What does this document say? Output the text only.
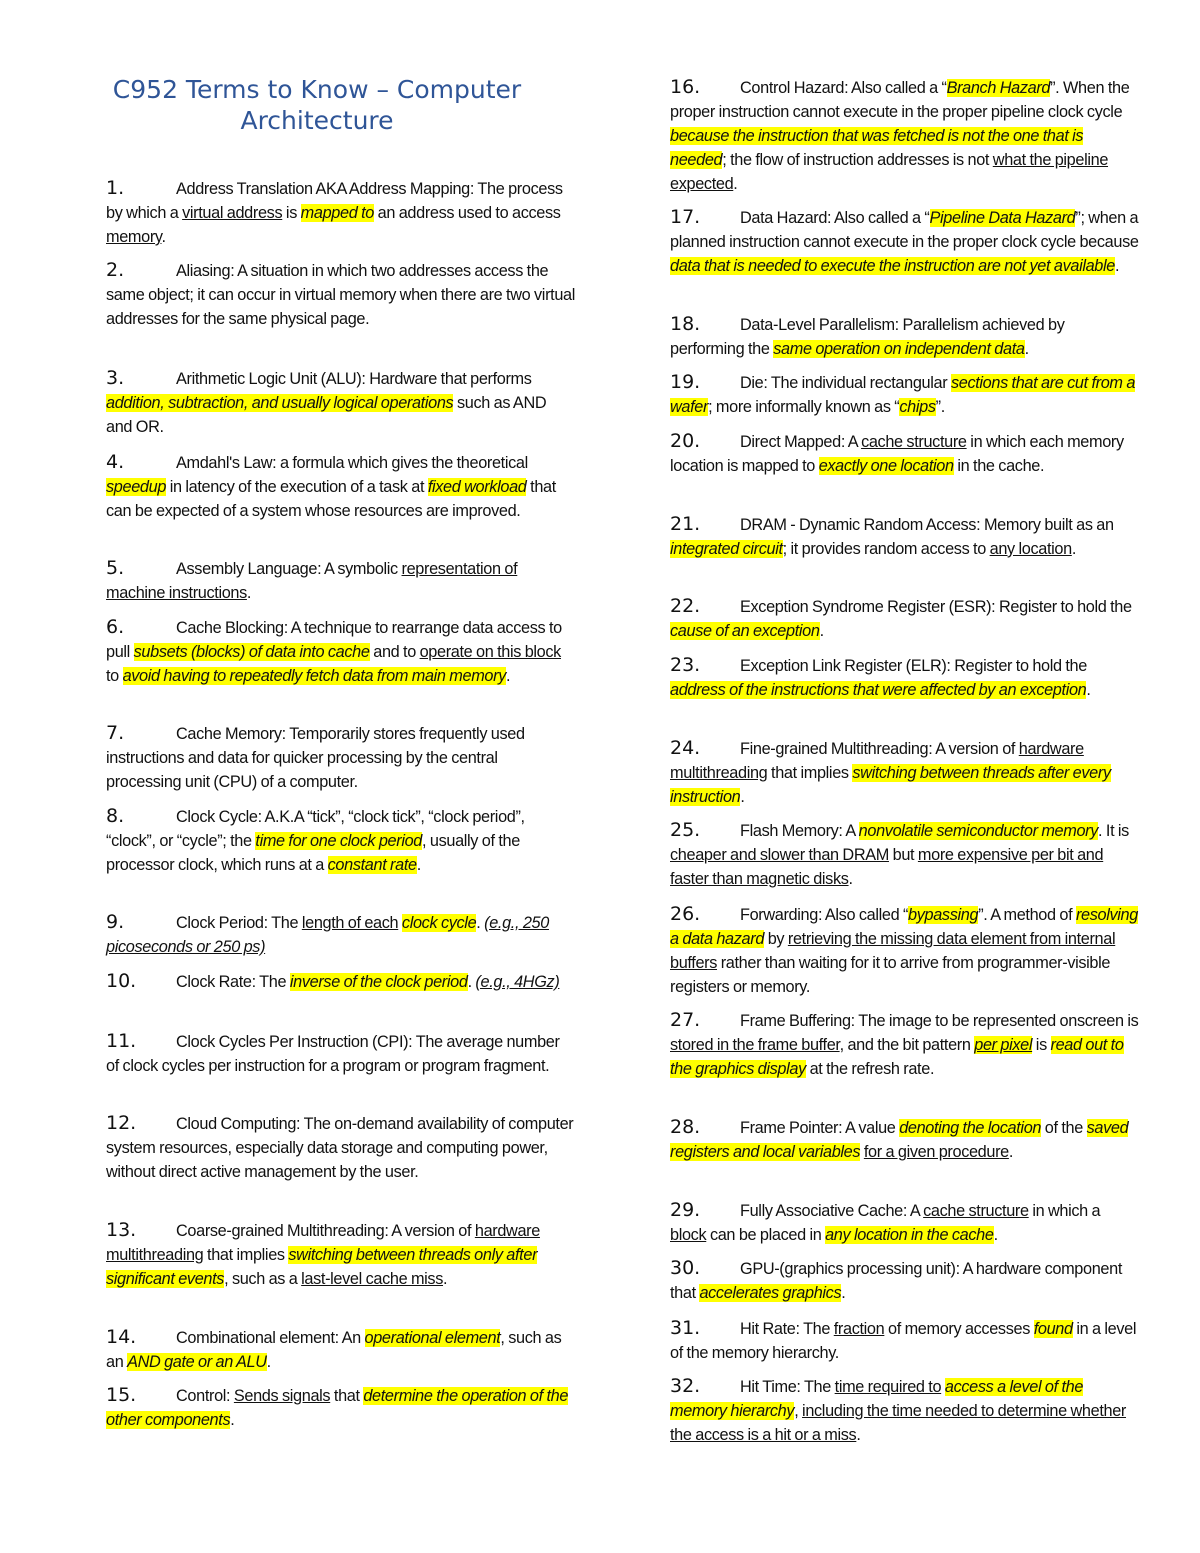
C952 Terms to Know – Computer Architecture
1.	Address Translation AKA Address Mapping: The process by which a virtual address is mapped to an address used to access memory.
2.	Aliasing: A situation in which two addresses access the same object; it can occur in virtual memory when there are two virtual addresses for the same physical page.
3.	Arithmetic Logic Unit (ALU): Hardware that performs addition, subtraction, and usually logical operations such as AND and OR.
4.	Amdahl's Law: a formula which gives the theoretical speedup in latency of the execution of a task at fixed workload that can be expected of a system whose resources are improved.
5.	Assembly Language: A symbolic representation of machine instructions.
6.	Cache Blocking: A technique to rearrange data access to pull subsets (blocks) of data into cache and to operate on this block to avoid having to repeatedly fetch data from main memory.
7.	Cache Memory: Temporarily stores frequently used instructions and data for quicker processing by the central processing unit (CPU) of a computer.
8.	Clock Cycle: A.K.A “tick”, “clock tick”, “clock period”, “clock”, or “cycle”; the time for one clock period, usually of the processor clock, which runs at a constant rate.
9.	Clock Period: The length of each clock cycle. (e.g., 250 picoseconds or 250 ps)
10. Clock Rate: The inverse of the clock period. (e.g., 4HGz)
11. Clock Cycles Per Instruction (CPI): The average number of clock cycles per instruction for a program or program fragment.
12. Cloud Computing: The on-demand availability of computer system resources, especially data storage and computing power, without direct active management by the user.
13. Coarse-grained Multithreading: A version of hardware multithreading that implies switching between threads only after significant events, such as a last-level cache miss.
14. Combinational element: An operational element, such as an AND gate or an ALU.
15. Control: Sends signals that determine the operation of the other components.
16. Control Hazard: Also called a “Branch Hazard”. When the proper instruction cannot execute in the proper pipeline clock cycle because the instruction that was fetched is not the one that is needed; the flow of instruction addresses is not what the pipeline expected.
17. Data Hazard: Also called a “Pipeline Data Hazard”; when a planned instruction cannot execute in the proper clock cycle because data that is needed to execute the instruction are not yet available.
18. Data-Level Parallelism: Parallelism achieved by performing the same operation on independent data.
19. Die: The individual rectangular sections that are cut from a wafer; more informally known as “chips”.
20. Direct Mapped: A cache structure in which each memory location is mapped to exactly one location in the cache.
21. DRAM - Dynamic Random Access: Memory built as an integrated circuit; it provides random access to any location.
22. Exception Syndrome Register (ESR): Register to hold the cause of an exception.
23. Exception Link Register (ELR): Register to hold the address of the instructions that were affected by an exception.
24. Fine-grained Multithreading: A version of hardware multithreading that implies switching between threads after every instruction.
25. Flash Memory: A nonvolatile semiconductor memory. It is cheaper and slower than DRAM but more expensive per bit and faster than magnetic disks.
26. Forwarding: Also called “bypassing”. A method of resolving a data hazard by retrieving the missing data element from internal buffers rather than waiting for it to arrive from programmer-visible registers or memory.
27. Frame Buffering: The image to be represented onscreen is stored in the frame buffer, and the bit pattern per pixel is read out to the graphics display at the refresh rate.
28. Frame Pointer: A value denoting the location of the saved registers and local variables for a given procedure.
29. Fully Associative Cache: A cache structure in which a block can be placed in any location in the cache.
30. GPU-(graphics processing unit): A hardware component that accelerates graphics.
31. Hit Rate: The fraction of memory accesses found in a level of the memory hierarchy.
32. Hit Time: The time required to access a level of the memory hierarchy, including the time needed to determine whether the access is a hit or a miss.
